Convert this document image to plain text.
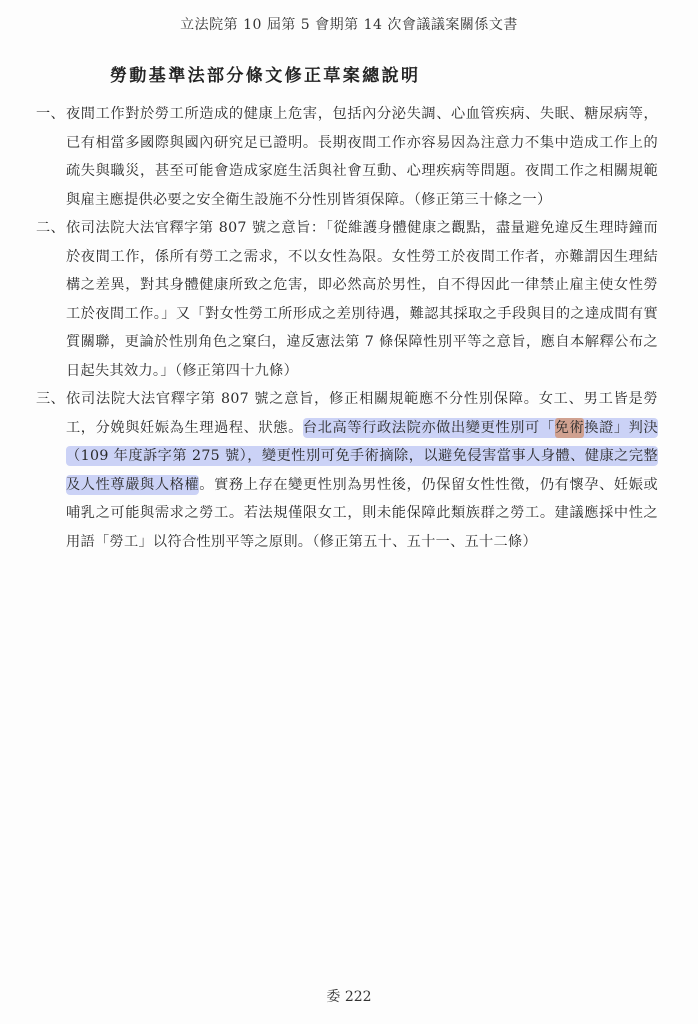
立法院第 10 屆第 5 會期第 14 次會議議案關係文書
勞動基準法部分條文修正草案總說明
一、 夜間工作對於勞工所造成的健康上危害，包括內分泌失調、心血管疾病、失眠、糖尿病等，已有相當多國際與國內研究足已證明。長期夜間工作亦容易因為注意力不集中造成工作上的疏失與職災，甚至可能會造成家庭生活與社會互動、心理疾病等問題。夜間工作之相關規範與雇主應提供必要之安全衛生設施不分性別皆須保障。（修正第三十條之一）
二、 依司法院大法官釋字第 807 號之意旨：「從維護身體健康之觀點，盡量避免違反生理時鐘而於夜間工作，係所有勞工之需求，不以女性為限。女性勞工於夜間工作者，亦難謂因生理結構之差異，對其身體健康所致之危害，即必然高於男性，自不得因此一律禁止雇主使女性勞工於夜間工作。」又「對女性勞工所形成之差別待遇，難認其採取之手段與目的之達成間有實質關聯，更論於性別角色之窠臼，違反憲法第 7 條保障性別平等之意旨，應自本解釋公布之日起失其效力。」（修正第四十九條）
三、 依司法院大法官釋字第 807 號之意旨，修正相關規範應不分性別保障。女工、男工皆是勞工，分娩與妊娠為生理過程、狀態。台北高等行政法院亦做出變更性別可「免術換證」判決（109 年度訴字第 275 號），變更性別可免手術摘除，以避免侵害當事人身體、健康之完整及人性尊嚴與人格權。實務上存在變更性別為男性後，仍保留女性性徵，仍有懷孕、妊娠或哺乳之可能與需求之勞工。若法規僅限女工，則未能保障此類族群之勞工。建議應採中性之用語「勞工」以符合性別平等之原則。（修正第五十、五十一、五十二條）
委 222
